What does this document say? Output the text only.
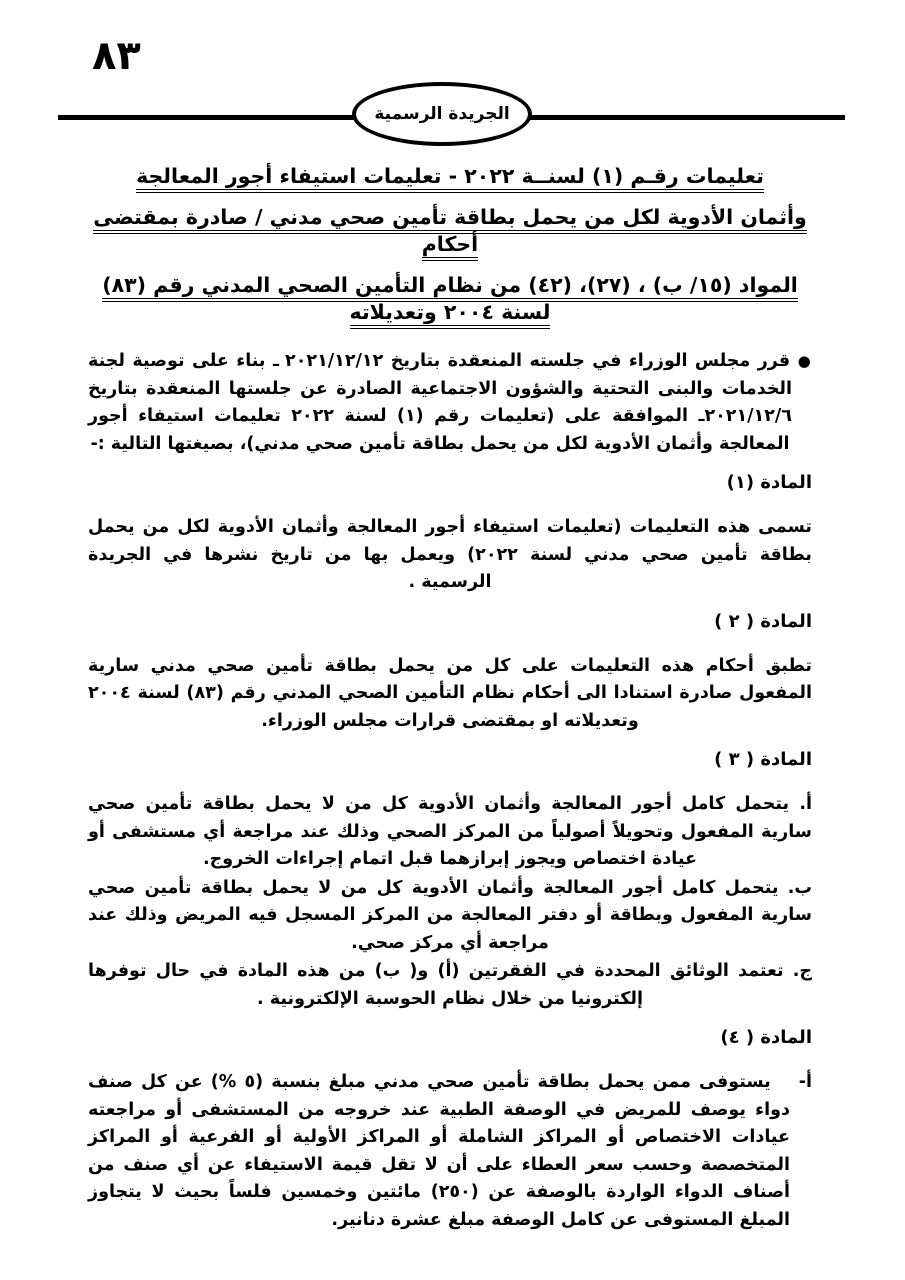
٨٣
الجريدة الرسمية
تعليمات رقـم (١) لسنــة ٢٠٢٢ - تعليمات استيفاء أجور المعالجة
وأثمان الأدوية لكل من يحمل بطاقة تأمين صحي مدني / صادرة بمقتضى أحكام
المواد (١٥/ ب) ، (٢٧)، (٤٢) من نظام التأمين الصحي المدني رقم (٨٣) لسنة ٢٠٠٤ وتعديلاته

● قرر مجلس الوزراء في جلسته المنعقدة بتاريخ ٢٠٢١/١٢/١٢ ـ بناء على توصية لجنة الخدمات والبنى التحتية والشؤون الاجتماعية الصادرة عن جلستها المنعقدة بتاريخ ٢٠٢١/١٢/٦ـ الموافقة على (تعليمات رقم (١) لسنة ٢٠٢٢ تعليمات استيفاء أجور المعالجة وأثمان الأدوية لكل من يحمل بطاقة تأمين صحي مدني)، بصيغتها التالية :-

المادة (١)

تسمى هذه التعليمات (تعليمات استيفاء أجور المعالجة وأثمان الأدوية لكل من يحمل بطاقة تأمين صحي مدني لسنة ٢٠٢٢) ويعمل بها من تاريخ نشرها في الجريدة الرسمية .

المادة ( ٢ )

تطبق أحكام هذه التعليمات على كل من يحمل بطاقة تأمين صحي مدني سارية المفعول صادرة استنادا الى أحكام نظام التأمين الصحي المدني رقم (٨٣) لسنة ٢٠٠٤ وتعديلاته او بمقتضى قرارات مجلس الوزراء.

المادة ( ٣ )

أ. يتحمل كامل أجور المعالجة وأثمان الأدوية كل من لا يحمل بطاقة تأمين صحي سارية المفعول وتحويلاً أصولياً من المركز الصحي وذلك عند مراجعة أي مستشفى أو عيادة اختصاص ويجوز إبرازهما قبل اتمام إجراءات الخروج.

ب. يتحمل كامل أجور المعالجة وأثمان الأدوية كل من لا يحمل بطاقة تأمين صحي سارية المفعول وبطاقة أو دفتر المعالجة من المركز المسجل فيه المريض وذلك عند مراجعة أي مركز صحي.

ج. تعتمد الوثائق المحددة في الفقرتين (أ) و( ب) من هذه المادة في حال توفرها إلكترونيا من خلال نظام الحوسبة الإلكترونية .

المادة ( ٤)

أ-يستوفى ممن يحمل بطاقة تأمين صحي مدني مبلغ بنسبة (٥ %) عن كل صنف دواء يوصف للمريض في الوصفة الطبية عند خروجه من المستشفى أو مراجعته عيادات الاختصاص أو المراكز الشاملة أو المراكز الأولية أو الفرعية أو المراكز المتخصصة وحسب سعر العطاء على أن لا تقل قيمة الاستيفاء عن أي صنف من أصناف الدواء الواردة بالوصفة عن (٢٥٠) مائتين وخمسين فلساً بحيث لا يتجاوز المبلغ المستوفى عن كامل الوصفة مبلغ عشرة دنانير.
